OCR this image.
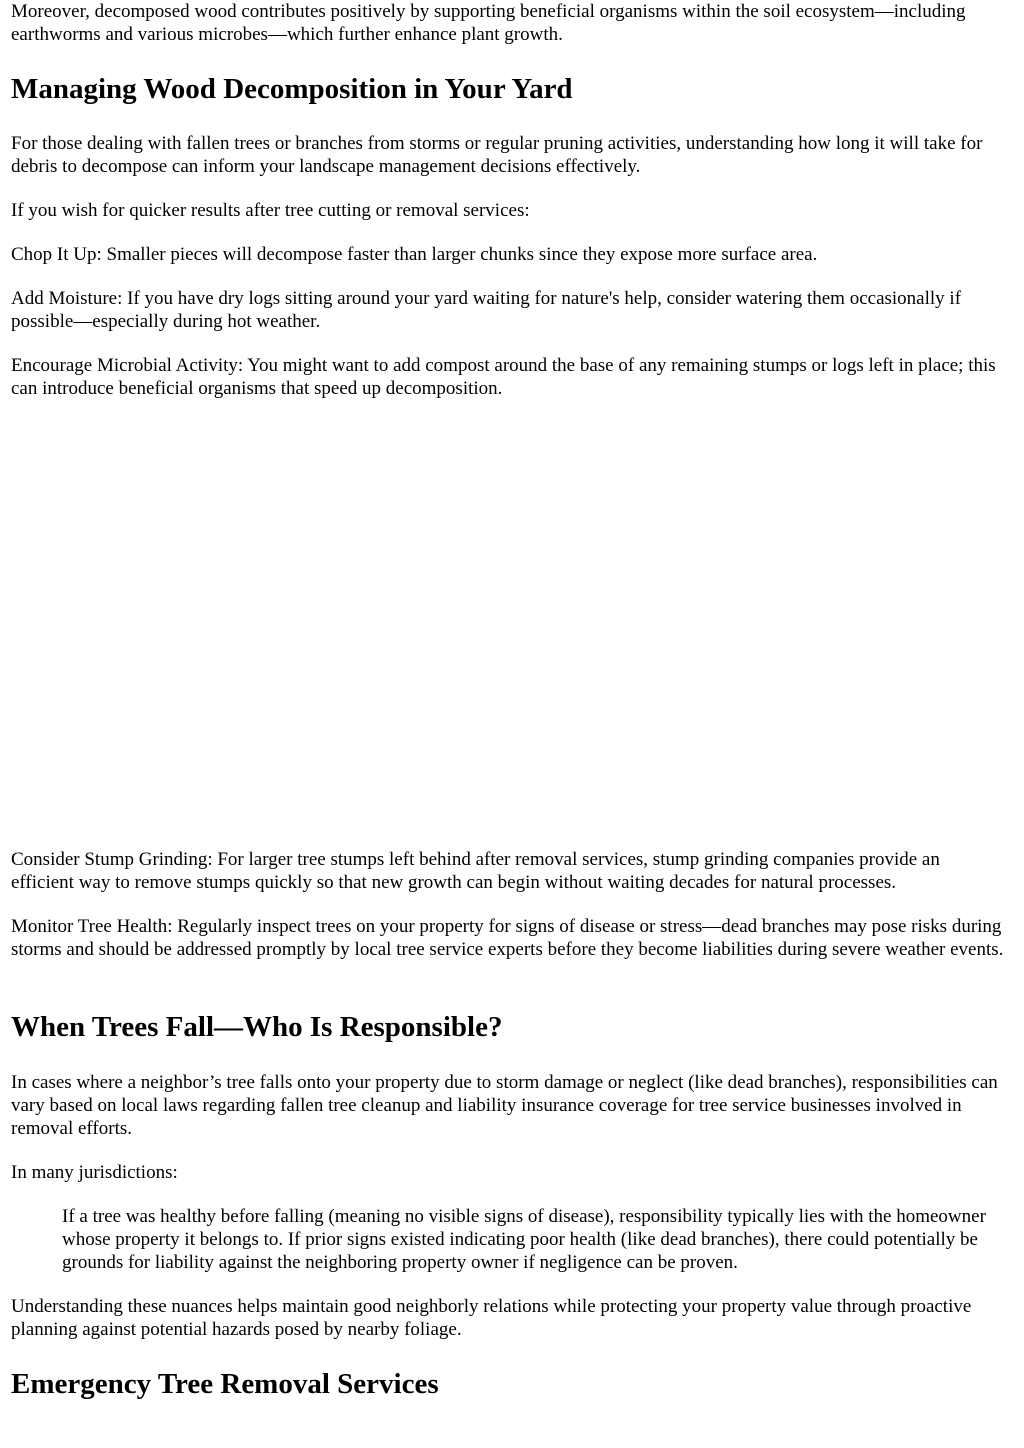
Moreover, decomposed wood contributes positively by supporting beneficial organisms within the soil ecosystem—including earthworms and various microbes—which further enhance plant growth.

Managing Wood Decomposition in Your Yard

For those dealing with fallen trees or branches from storms or regular pruning activities, understanding how long it will take for debris to decompose can inform your landscape management decisions effectively.

If you wish for quicker results after tree cutting or removal services:

Chop It Up: Smaller pieces will decompose faster than larger chunks since they expose more surface area.

Add Moisture: If you have dry logs sitting around your yard waiting for nature's help, consider watering them occasionally if possible—especially during hot weather.

Encourage Microbial Activity: You might want to add compost around the base of any remaining stumps or logs left in place; this can introduce beneficial organisms that speed up decomposition.

Consider Stump Grinding: For larger tree stumps left behind after removal services, stump grinding companies provide an efficient way to remove stumps quickly so that new growth can begin without waiting decades for natural processes.

Monitor Tree Health: Regularly inspect trees on your property for signs of disease or stress—dead branches may pose risks during storms and should be addressed promptly by local tree service experts before they become liabilities during severe weather events.

When Trees Fall—Who Is Responsible?

In cases where a neighbor’s tree falls onto your property due to storm damage or neglect (like dead branches), responsibilities can vary based on local laws regarding fallen tree cleanup and liability insurance coverage for tree service businesses involved in removal efforts.

In many jurisdictions:

If a tree was healthy before falling (meaning no visible signs of disease), responsibility typically lies with the homeowner whose property it belongs to. If prior signs existed indicating poor health (like dead branches), there could potentially be grounds for liability against the neighboring property owner if negligence can be proven.

Understanding these nuances helps maintain good neighborly relations while protecting your property value through proactive planning against potential hazards posed by nearby foliage.

Emergency Tree Removal Services
